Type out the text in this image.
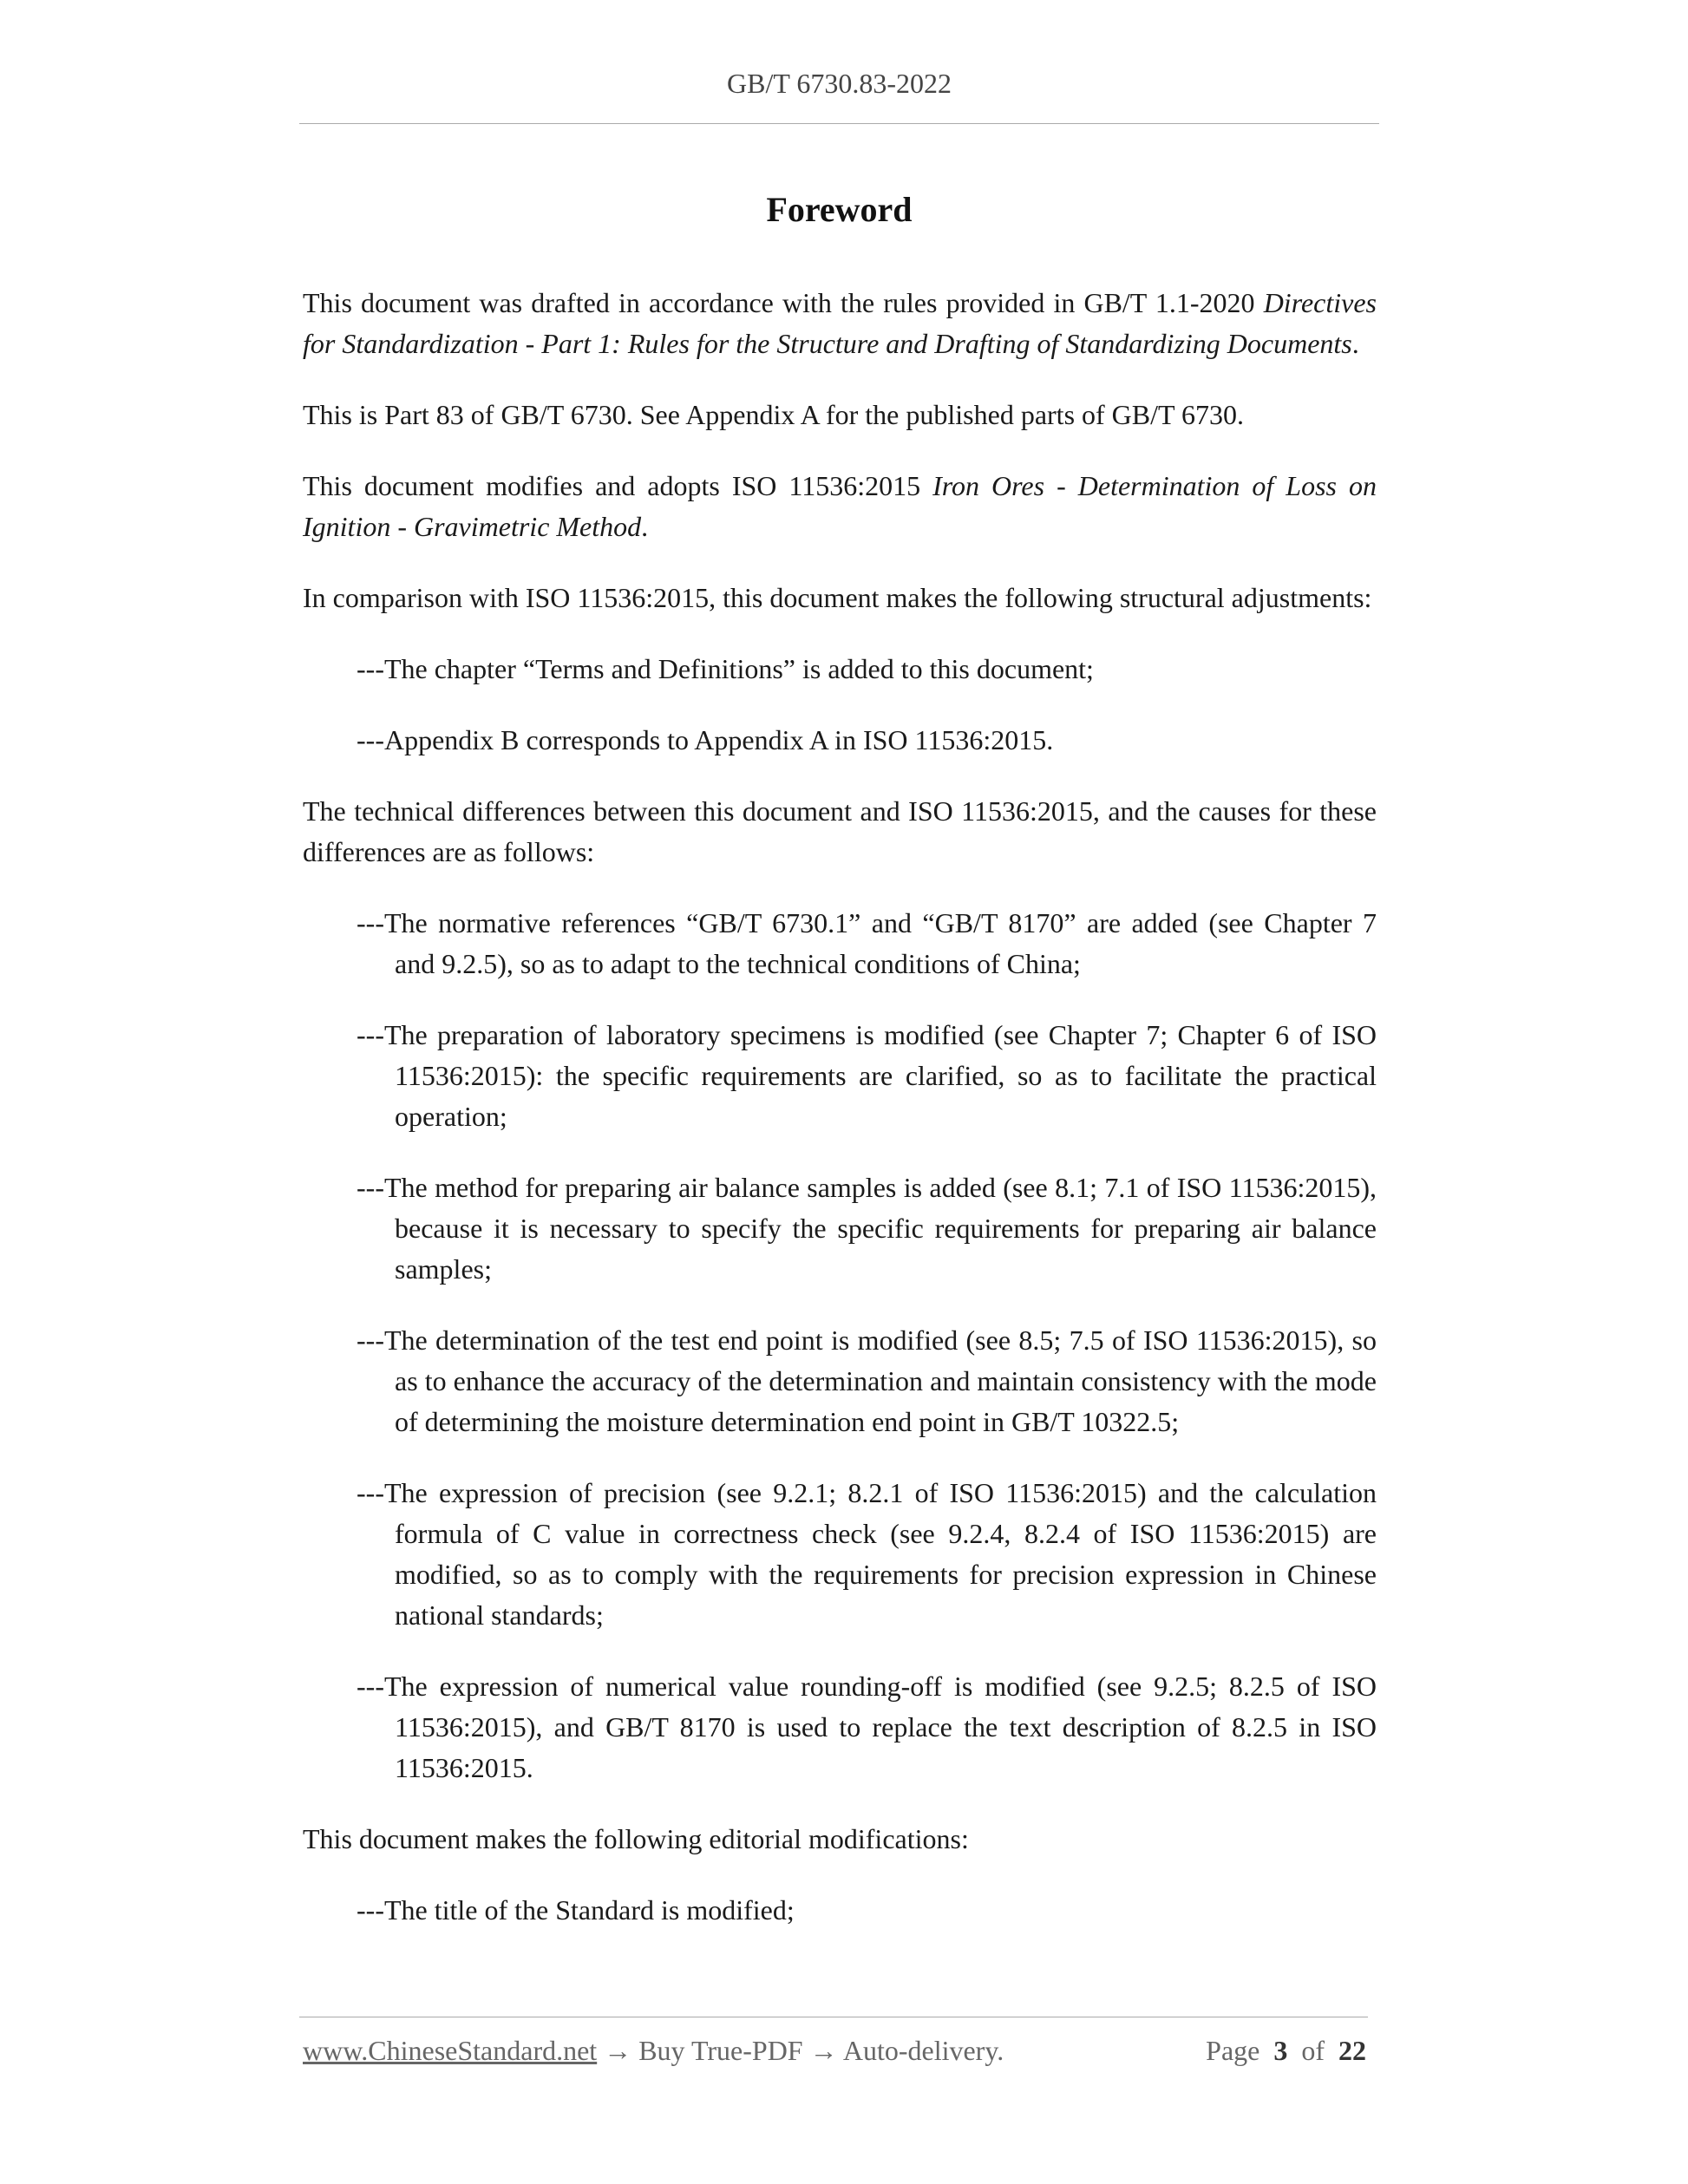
GB/T 6730.83-2022
Foreword

This document was drafted in accordance with the rules provided in GB/T 1.1-2020 Directives for Standardization - Part 1: Rules for the Structure and Drafting of Standardizing Documents.

This is Part 83 of GB/T 6730. See Appendix A for the published parts of GB/T 6730.

This document modifies and adopts ISO 11536:2015 Iron Ores - Determination of Loss on Ignition - Gravimetric Method.

In comparison with ISO 11536:2015, this document makes the following structural adjustments:

---The chapter “Terms and Definitions” is added to this document;

---Appendix B corresponds to Appendix A in ISO 11536:2015.

The technical differences between this document and ISO 11536:2015, and the causes for these differences are as follows:

---The normative references “GB/T 6730.1” and “GB/T 8170” are added (see Chapter 7 and 9.2.5), so as to adapt to the technical conditions of China;

---The preparation of laboratory specimens is modified (see Chapter 7; Chapter 6 of ISO 11536:2015): the specific requirements are clarified, so as to facilitate the practical operation;

---The method for preparing air balance samples is added (see 8.1; 7.1 of ISO 11536:2015), because it is necessary to specify the specific requirements for preparing air balance samples;

---The determination of the test end point is modified (see 8.5; 7.5 of ISO 11536:2015), so as to enhance the accuracy of the determination and maintain consistency with the mode of determining the moisture determination end point in GB/T 10322.5;

---The expression of precision (see 9.2.1; 8.2.1 of ISO 11536:2015) and the calculation formula of C value in correctness check (see 9.2.4, 8.2.4 of ISO 11536:2015) are modified, so as to comply with the requirements for precision expression in Chinese national standards;

---The expression of numerical value rounding-off is modified (see 9.2.5; 8.2.5 of ISO 11536:2015), and GB/T 8170 is used to replace the text description of 8.2.5 in ISO 11536:2015.

This document makes the following editorial modifications:

---The title of the Standard is modified;

www.ChineseStandard.net → Buy True-PDF → Auto-delivery.	Page 3 of 22
